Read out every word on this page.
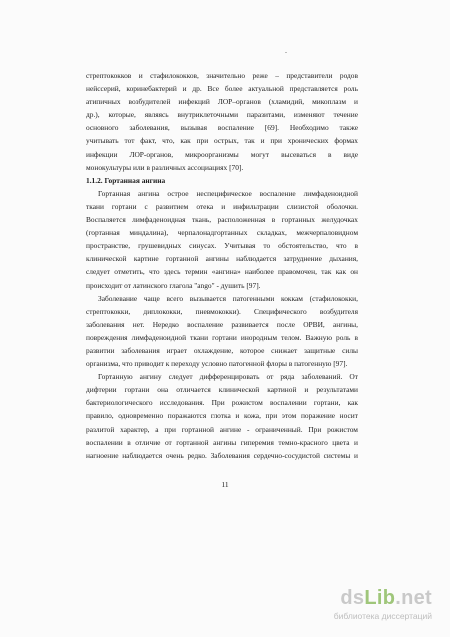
стрептококков и стафилококков, значительно реже – представители родов
нейссерий, коринебактерий и др. Все более актуальной представляется роль
атипичных возбудителей инфекций ЛОР–органов (хламидий, микоплазм и
др.), которые, являясь внутриклеточными паразитами, изменяют течение
основного заболевания, вызывая воспаление [69]. Необходимо также
учитывать тот факт, что, как при острых, так и при хронических формах
инфекции ЛОР-органов, микроорганизмы могут высеваться в виде
монокультуры или в различных ассоциациях [70].
1.1.2. Гортанная ангина
Гортанная ангина острое неспецифическое воспаление лимфаденоидной
ткани гортани с развитием отека и инфильтрации слизистой оболочки.
Воспаляется лимфаденоидная ткань, расположенная в гортанных желудочках
(гортанная миндалина), черпалонадгортанных складках, межчерпаловидном
пространстве, грушевидных синусах. Учитывая то обстоятельство, что в
клинической картине гортанной ангины наблюдается затруднение дыхания,
следует отметить, что здесь термин «ангина» наиболее правомочен, так как он
происходит от латинского глагола "ango" - душить [97].
Заболевание чаще всего вызывается патогенными коккам (стафилококки,
стрептококки, диплококки, пневмококки). Специфического возбудителя
заболевания нет. Нередко воспаление развивается после ОРВИ, ангины,
повреждения лимфаденоидной ткани гортани инородным телом. Важную роль в
развитии заболевания играет охлаждение, которое снижает защитные силы
организма, что приводит к переходу условно патогенной флоры в патогенную [97].
Гортанную ангину следует дифференцировать от ряда заболеваний. От
дифтерии гортани она отличается клинической картиной и результатами
бактериологического исследования. При рожистом воспалении гортани, как
правило, одновременно поражаются глотка и кожа, при этом поражение носит
разлитой характер, а при гортанной ангине - ограниченный. При рожистом
воспалении в отличие от гортанной ангины гиперемия темно-красного цвета и
нагноение наблюдается очень редко. Заболевания сердечно-сосудистой системы и
11
dsLib.net
библиотека диссертаций
